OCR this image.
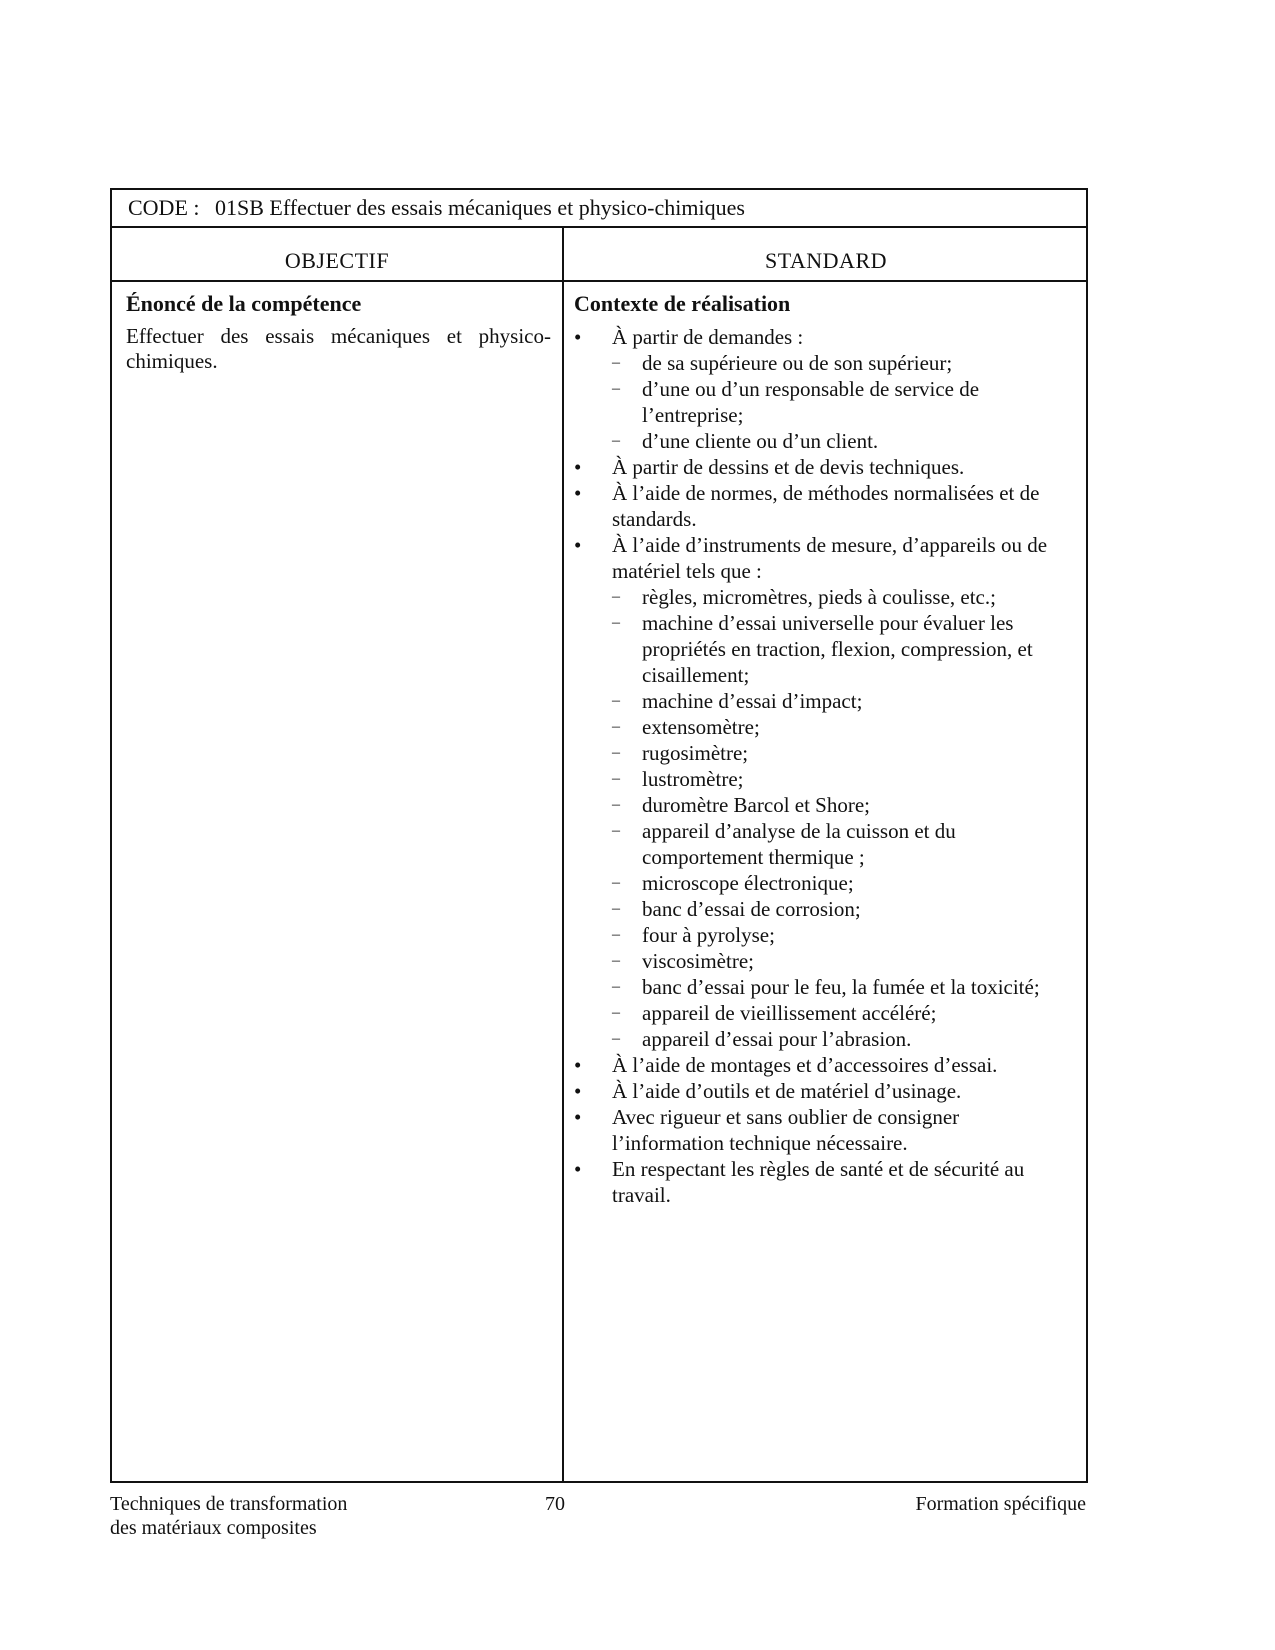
CODE : 01SB Effectuer des essais mécaniques et physico-chimiques
OBJECTIF	STANDARD

Énoncé de la compétence

Effectuer des essais mécaniques et physico-chimiques.

Contexte de réalisation

• À partir de demandes :
– de sa supérieure ou de son supérieur;
– d’une ou d’un responsable de service de l’entreprise;
– d’une cliente ou d’un client.
• À partir de dessins et de devis techniques.
• À l’aide de normes, de méthodes normalisées et de standards.
• À l’aide d’instruments de mesure, d’appareils ou de matériel tels que :
– règles, micromètres, pieds à coulisse, etc.;
– machine d’essai universelle pour évaluer les propriétés en traction, flexion, compression, et cisaillement;
– machine d’essai d’impact;
– extensomètre;
– rugosimètre;
– lustromètre;
– duromètre Barcol et Shore;
– appareil d’analyse de la cuisson et du comportement thermique ;
– microscope électronique;
– banc d’essai de corrosion;
– four à pyrolyse;
– viscosimètre;
– banc d’essai pour le feu, la fumée et la toxicité;
– appareil de vieillissement accéléré;
– appareil d’essai pour l’abrasion.
• À l’aide de montages et d’accessoires d’essai.
• À l’aide d’outils et de matériel d’usinage.
• Avec rigueur et sans oublier de consigner l’information technique nécessaire.
• En respectant les règles de santé et de sécurité au travail.
Techniques de transformation
des matériaux composites
70	Formation spécifique
